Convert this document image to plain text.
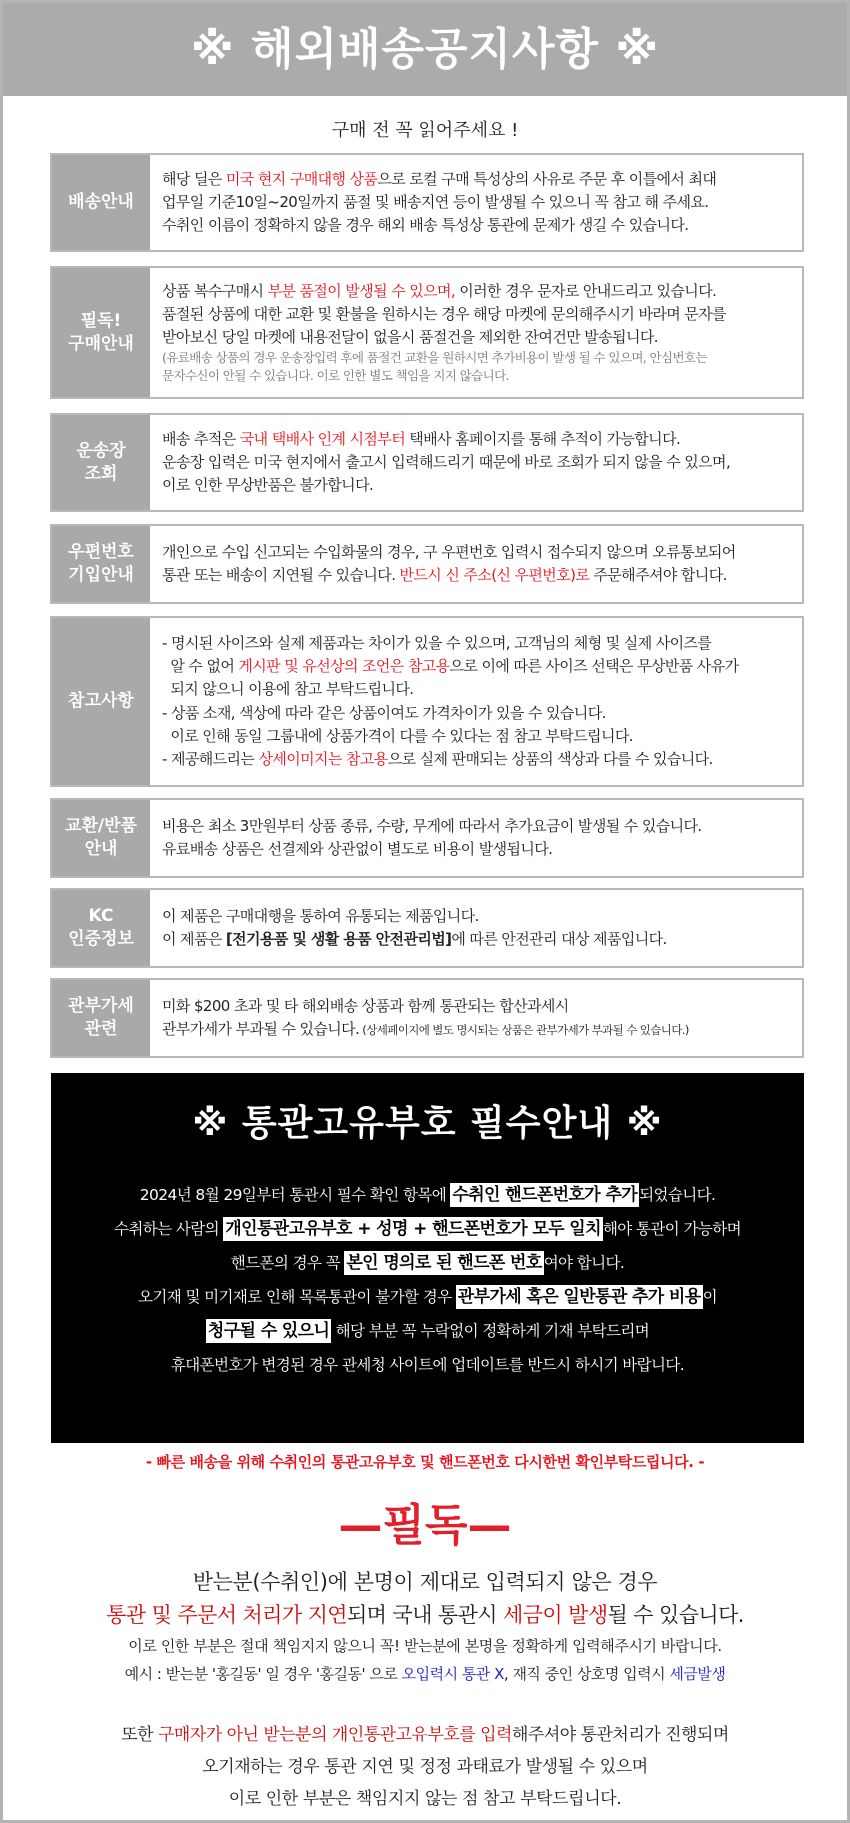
※ 해외배송공지사항 ※
구매 전 꼭 읽어주세요 !
배송안내
해당 딜은 미국 현지 구매대행 상품으로 로컬 구매 특성상의 사유로 주문 후 이틀에서 최대
업무일 기준10일~20일까지 품절 및 배송지연 등이 발생될 수 있으니 꼭 참고 해 주세요.
수취인 이름이 정확하지 않을 경우 해외 배송 특성상 통관에 문제가 생길 수 있습니다.
필독!
구매안내
상품 복수구매시 부분 품절이 발생될 수 있으며, 이러한 경우 문자로 안내드리고 있습니다.
품절된 상품에 대한 교환 및 환불을 원하시는 경우 해당 마켓에 문의해주시기 바라며 문자를
받아보신 당일 마켓에 내용전달이 없을시 품절건을 제외한 잔여건만 발송됩니다.
(유료배송 상품의 경우 운송장입력 후에 품절건 교환을 원하시면 추가비용이 발생 될 수 있으며, 안심번호는
문자수신이 안될 수 있습니다. 이로 인한 별도 책임을 지지 않습니다.
운송장
조회
배송 추적은 국내 택배사 인계 시점부터 택배사 홈페이지를 통해 추적이 가능합니다.
운송장 입력은 미국 현지에서 출고시 입력해드리기 때문에 바로 조회가 되지 않을 수 있으며,
이로 인한 무상반품은 불가합니다.
우편번호
기입안내
개인으로 수입 신고되는 수입화물의 경우, 구 우편번호 입력시 접수되지 않으며 오류통보되어
통관 또는 배송이 지연될 수 있습니다. 반드시 신 주소(신 우편번호)로 주문해주셔야 합니다.
참고사항
- 명시된 사이즈와 실제 제품과는 차이가 있을 수 있으며, 고객님의 체형 및 실제 사이즈를
알 수 없어 게시판 및 유선상의 조언은 참고용으로 이에 따른 사이즈 선택은 무상반품 사유가
되지 않으니 이용에 참고 부탁드립니다.
- 상품 소재, 색상에 따라 같은 상품이여도 가격차이가 있을 수 있습니다.
이로 인해 동일 그룹내에 상품가격이 다를 수 있다는 점 참고 부탁드립니다.
- 제공해드리는 상세이미지는 참고용으로 실제 판매되는 상품의 색상과 다를 수 있습니다.
교환/반품
안내
비용은 최소 3만원부터 상품 종류, 수량, 무게에 따라서 추가요금이 발생될 수 있습니다.
유료배송 상품은 선결제와 상관없이 별도로 비용이 발생됩니다.
KC
인증정보
이 제품은 구매대행을 통하여 유통되는 제품입니다.
이 제품은 [전기용품 및 생활 용품 안전관리법]에 따른 안전관리 대상 제품입니다.
관부가세
관련
미화 $200 초과 및 타 해외배송 상품과 함께 통관되는 합산과세시
관부가세가 부과될 수 있습니다. (상세페이지에 별도 명시되는 상품은 관부가세가 부과될 수 있습니다.)
※ 통관고유부호 필수안내 ※
2024년 8월 29일부터 통관시 필수 확인 항목에 수취인 핸드폰번호가 추가 되었습니다.
수취하는 사람의 개인통관고유부호 + 성명 + 핸드폰번호가 모두 일치 해야 통관이 가능하며
핸드폰의 경우 꼭 본인 명의로 된 핸드폰 번호 여야 합니다.
오기재 및 미기재로 인해 목록통관이 불가할 경우 관부가세 혹은 일반통관 추가 비용 이
청구될 수 있으니 해당 부분 꼭 누락없이 정확하게 기재 부탁드리며
휴대폰번호가 변경된 경우 관세청 사이트에 업데이트를 반드시 하시기 바랍니다.
- 빠른 배송을 위해 수취인의 통관고유부호 및 핸드폰번호 다시한번 확인부탁드립니다. -
—필독—
받는분(수취인)에 본명이 제대로 입력되지 않은 경우
통관 및 주문서 처리가 지연되며 국내 통관시 세금이 발생될 수 있습니다.
이로 인한 부분은 절대 책임지지 않으니 꼭! 받는분에 본명을 정확하게 입력해주시기 바랍니다.
예시 : 받는분 '홍길동' 일 경우 '홍길동' 으로 오입력시 통관 X, 재직 중인 상호명 입력시 세금발생
또한 구매자가 아닌 받는분의 개인통관고유부호를 입력해주셔야 통관처리가 진행되며
오기재하는 경우 통관 지연 및 정정 과태료가 발생될 수 있으며
이로 인한 부분은 책임지지 않는 점 참고 부탁드립니다.
